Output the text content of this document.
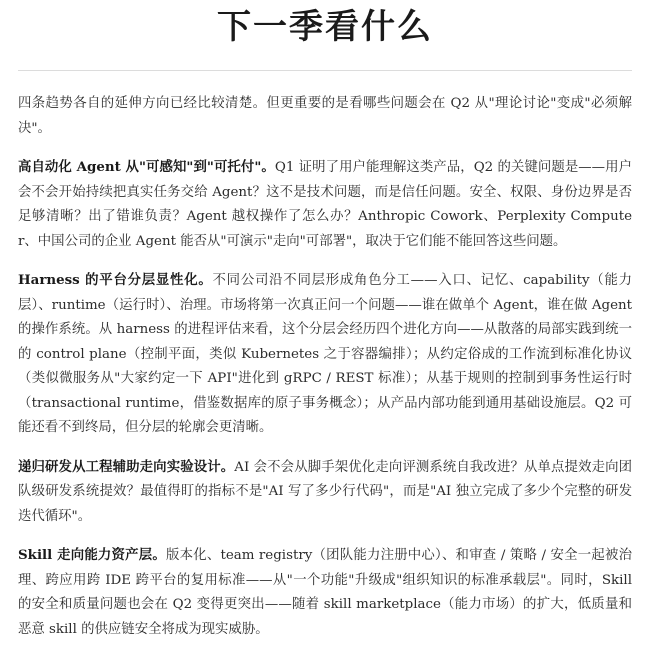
下一季看什么

四条趋势各自的延伸方向已经比较清楚。但更重要的是看哪些问题会在 Q2 从"理论讨论"变成"必须解决"。

高自动化 Agent 从"可感知"到"可托付"。Q1 证明了用户能理解这类产品，Q2 的关键问题是——用户会不会开始持续把真实任务交给 Agent？这不是技术问题，而是信任问题。安全、权限、身份边界是否足够清晰？出了错谁负责？Agent 越权操作了怎么办？Anthropic Cowork、Perplexity Computer、中国公司的企业 Agent 能否从"可演示"走向"可部署"，取决于它们能不能回答这些问题。

Harness 的平台分层显性化。不同公司沿不同层形成角色分工——入口、记忆、capability（能力层）、runtime（运行时）、治理。市场将第一次真正问一个问题——谁在做单个 Agent，谁在做 Agent 的操作系统。从 harness 的进程评估来看，这个分层会经历四个进化方向——从散落的局部实践到统一的 control plane（控制平面，类似 Kubernetes 之于容器编排）；从约定俗成的工作流到标准化协议（类似微服务从"大家约定一下 API"进化到 gRPC / REST 标准）；从基于规则的控制到事务性运行时（transactional runtime，借鉴数据库的原子事务概念）；从产品内部功能到通用基础设施层。Q2 可能还看不到终局，但分层的轮廓会更清晰。

递归研发从工程辅助走向实验设计。AI 会不会从脚手架优化走向评测系统自我改进？从单点提效走向团队级研发系统提效？最值得盯的指标不是"AI 写了多少行代码"，而是"AI 独立完成了多少个完整的研发迭代循环"。

Skill 走向能力资产层。版本化、team registry（团队能力注册中心）、和审查 / 策略 / 安全一起被治理、跨应用跨 IDE 跨平台的复用标准——从"一个功能"升级成"组织知识的标准承载层"。同时，Skill 的安全和质量问题也会在 Q2 变得更突出——随着 skill marketplace（能力市场）的扩大，低质量和恶意 skill 的供应链安全将成为现实威胁。
